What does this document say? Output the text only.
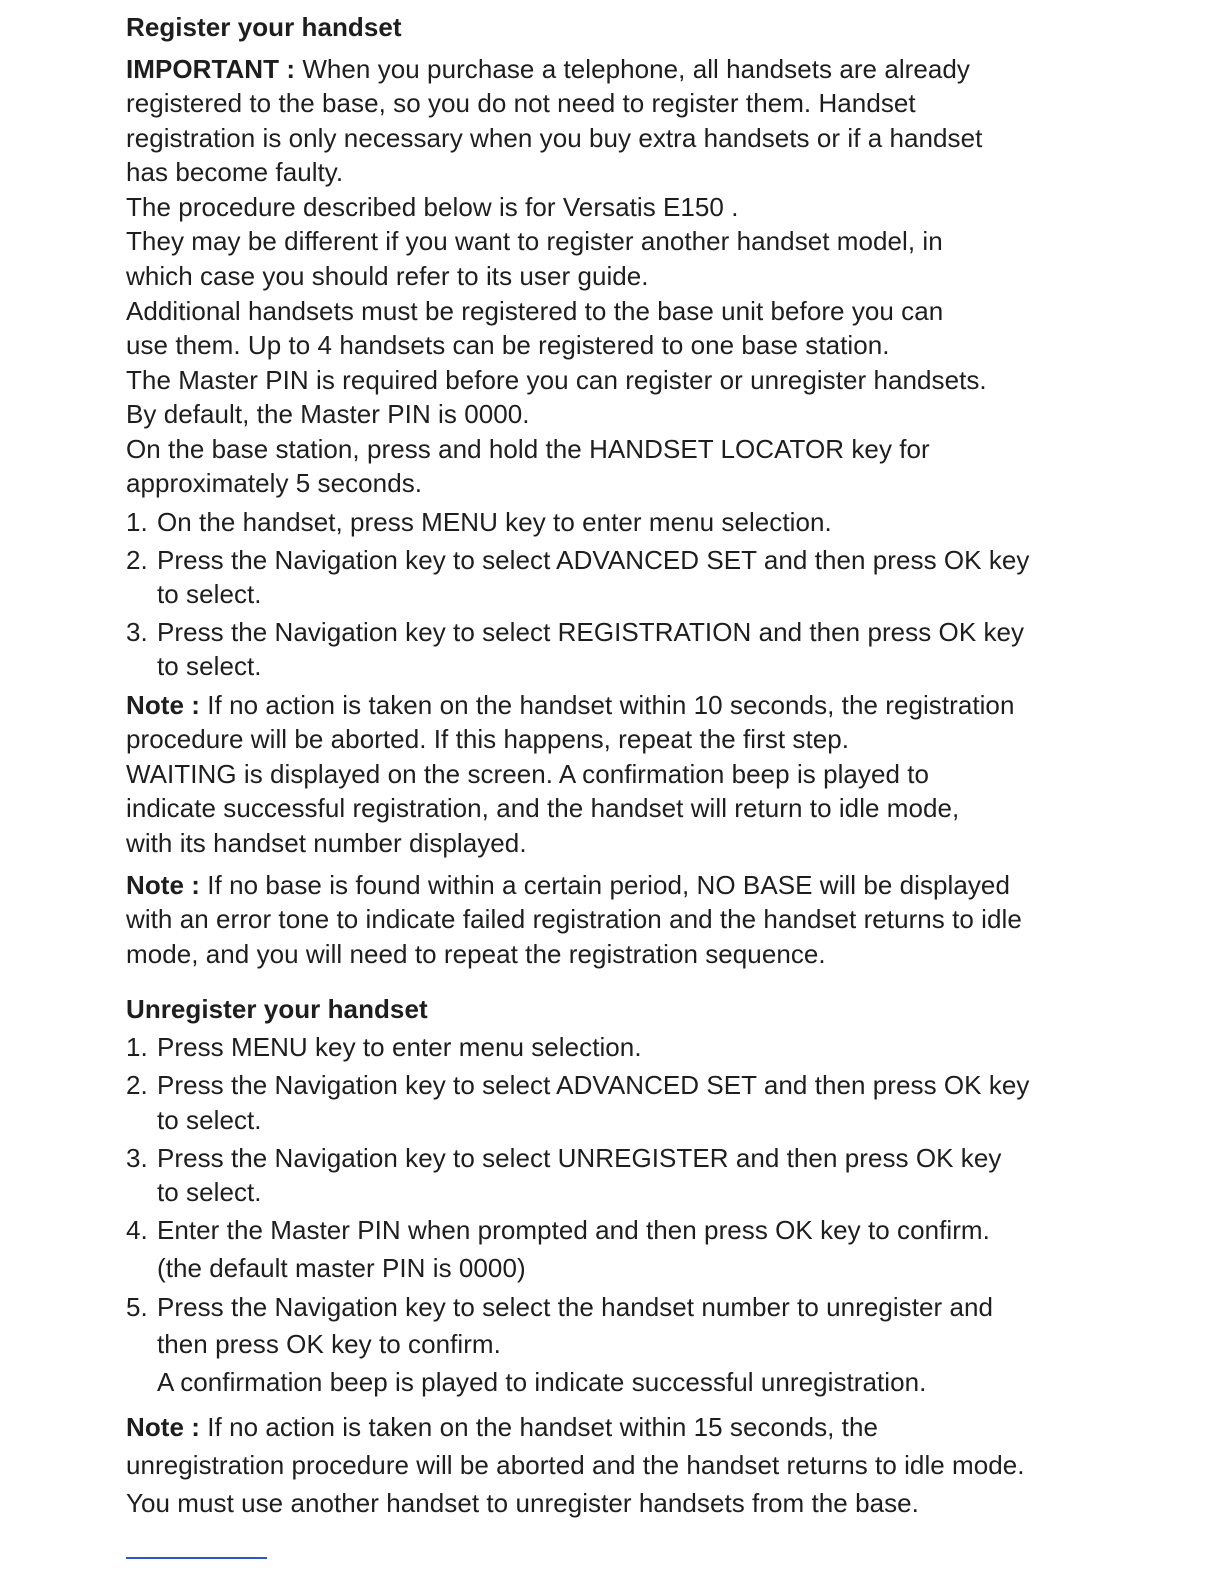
Register your handset
IMPORTANT : When you purchase a telephone, all handsets are already
registered to the base, so you do not need to register them. Handset
registration is only necessary when you buy extra handsets or if a handset
has become faulty.
The procedure described below is for Versatis E150 .
They may be different if you want to register another handset model, in
which case you should refer to its user guide.
Additional handsets must be registered to the base unit before you can
use them. Up to 4 handsets can be registered to one base station.
The Master PIN is required before you can register or unregister handsets.
By default, the Master PIN is 0000.
On the base station, press and hold the HANDSET LOCATOR key for
approximately 5 seconds.
1. On the handset, press MENU key to enter menu selection.
2. Press the Navigation key to select ADVANCED SET and then press OK key
to select.
3. Press the Navigation key to select REGISTRATION and then press OK key
to select.
Note : If no action is taken on the handset within 10 seconds, the registration
procedure will be aborted. If this happens, repeat the first step.
WAITING is displayed on the screen. A confirmation beep is played to
indicate successful registration, and the handset will return to idle mode,
with its handset number displayed.
Note : If no base is found within a certain period, NO BASE will be displayed
with an error tone to indicate failed registration and the handset returns to idle
mode, and you will need to repeat the registration sequence.
Unregister your handset
1. Press MENU key to enter menu selection.
2. Press the Navigation key to select ADVANCED SET and then press OK key
to select.
3. Press the Navigation key to select UNREGISTER and then press OK key
to select.
4. Enter the Master PIN when prompted and then press OK key to confirm.
(the default master PIN is 0000)
5. Press the Navigation key to select the handset number to unregister and
then press OK key to confirm.
A confirmation beep is played to indicate successful unregistration.
Note : If no action is taken on the handset within 15 seconds, the
unregistration procedure will be aborted and the handset returns to idle mode.
You must use another handset to unregister handsets from the base.
